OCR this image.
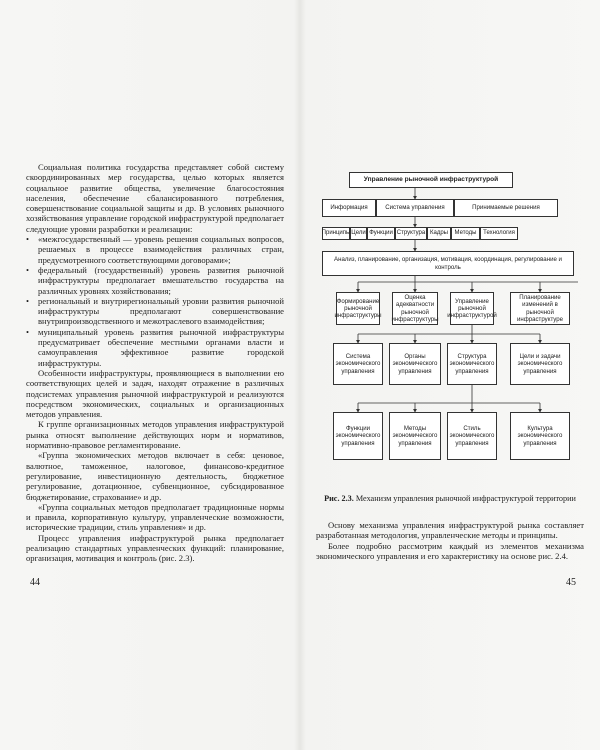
Социальная политика государства представляет собой систему скоординированных мер государства, целью которых является социальное развитие общества, увеличение благосостояния населения, обеспечение сбалансированного потребления, совершенствование социальной защиты и др. В условиях рыночного хозяйствования управление городской инфраструктурой предполагает следующие уровни разработки и реализации:

• «межгосударственный — уровень решения социальных вопросов, решаемых в процессе взаимодействия различных стран, предусмотренного соответствующими договорами»;

• федеральный (государственный) уровень развития рыночной инфраструктуры предполагает вмешательство государства на различных уровнях хозяйствования;

• региональный и внутрирегиональный уровни развития рыночной инфраструктуры предполагают совершенствование внутрипроизводственного и межотраслевого взаимодействия;

• муниципальный уровень развития рыночной инфраструктуры предусматривает обеспечение местными органами власти и самоуправления эффективное развитие городской инфраструктуры.

Особенности инфраструктуры, проявляющиеся в выполнении ею соответствующих целей и задач, находят отражение в различных подсистемах управления рыночной инфраструктурой и реализуются посредством экономических, социальных и организационных методов управления.

К группе организационных методов управления инфраструктурой рынка относят выполнение действующих норм и нормативов, нормативно-правовое регламентирование.

«Группа экономических методов включает в себя: ценовое, валютное, таможенное, налоговое, финансово-кредитное регулирование, инвестиционную деятельность, бюджетное регулирование, дотационное, субвенционное, субсидированное бюджетирование, страхование» и др.

«Группа социальных методов предполагает традиционные нормы и правила, корпоративную культуру, управленческие возможности, исторические традиции, стиль управления» и др.

Процесс управления инфраструктурой рынка предполагает реализацию стандартных управленческих функций: планирование, организация, мотивация и контроль (рис. 2.3).

44
Управление рыночной инфраструктурой
Информация	Система управления	Принимаемые решения
Принципы Цели Функции Структура Кадры	Методы	Технология
Анализ, планирование, организация, мотивация, координация, регулирование и контроль
Формирование рыночной инфраструктуры
Оценка адекватности рыночной инфраструктуры
Управление рыночной инфраструктурой
Планирование изменений в рыночной инфраструктуре
Система экономического управления
Органы экономического управления
Структура экономического управления
Цели и задачи экономического управления
Функции экономического управления
Методы экономического управления
Стиль экономического управления
Культура экономического управления
Рис. 2.3. Механизм управления рыночной инфраструктурой территории

Основу механизма управления инфраструктурой рынка составляет разработанная методология, управленческие методы и принципы.

Более подробно рассмотрим каждый из элементов механизма экономического управления и его характеристику на основе рис. 2.4.

45
